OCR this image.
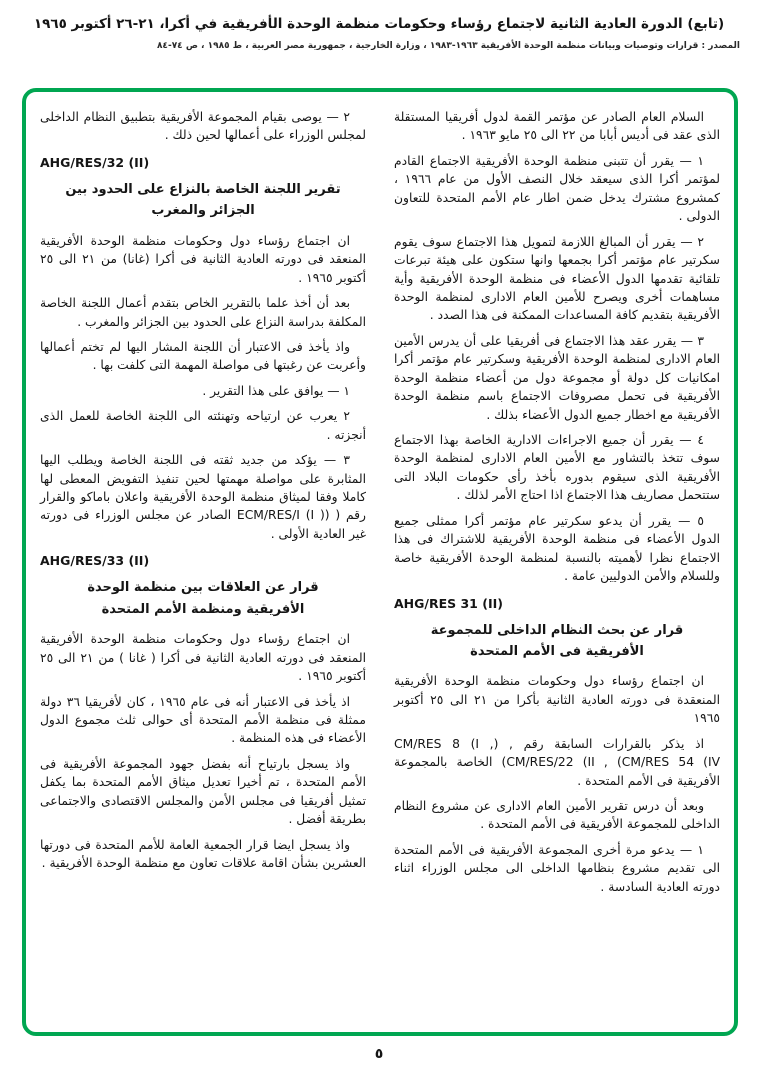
(تابع) الدورة العادية الثانية لاجتماع رؤساء وحكومات منظمة الوحدة الأفريقية في أكرا، ٢١-٢٦ أكتوبر ١٩٦٥
المصدر : قرارات وتوصيات وبيانات منظمة الوحدة الأفريقية ١٩٦٣-١٩٨٣ ، وزارة الخارجية ، جمهورية مصر العربية ، ط ١٩٨٥ ، ص ٧٤-٨٤

السلام العام الصادر عن مؤتمر القمة لدول أفريقيا المستقلة الذى عقد فى أديس أبابا من ٢٢ الى ٢٥ مايو ١٩٦٣ .

١ — يقرر أن تتبنى منظمة الوحدة الأفريقية الاجتماع القادم لمؤتمر أكرا الذى سيعقد خلال النصف الأول من عام ١٩٦٦ ، كمشروع مشترك يدخل ضمن اطار عام الأمم المتحدة للتعاون الدولى .

٢ — يقرر أن المبالغ اللازمة لتمويل هذا الاجتماع سوف يقوم سكرتير عام مؤتمر أكرا بجمعها وانها ستكون على هيئة تبرعات تلقائية تقدمها الدول الأعضاء فى منظمة الوحدة الأفريقية وأية مساهمات أخرى ويصرح للأمين العام الادارى لمنظمة الوحدة الأفريقية بتقديم كافة المساعدات الممكنة فى هذا الصدد .

٣ — يقرر عقد هذا الاجتماع فى أفريقيا على أن يدرس الأمين العام الادارى لمنظمة الوحدة الأفريقية وسكرتير عام مؤتمر أكرا امكانيات كل دولة أو مجموعة دول من أعضاء منظمة الوحدة الأفريقية فى تحمل مصروفات الاجتماع باسم منظمة الوحدة الأفريقية مع اخطار جميع الدول الأعضاء بذلك .

٤ — يقرر أن جميع الاجراءات الادارية الخاصة بهذا الاجتماع سوف تتخذ بالتشاور مع الأمين العام الادارى لمنظمة الوحدة الأفريقية الذى سيقوم بدوره بأخذ رأى حكومات البلاد التى ستتحمل مصاريف هذا الاجتماع اذا احتاج الأمر لذلك .

٥ — يقرر أن يدعو سكرتير عام مؤتمر أكرا ممثلى جميع الدول الأعضاء فى منظمة الوحدة الأفريقية للاشتراك فى هذا الاجتماع نظرا لأهميته بالنسبة لمنظمة الوحدة الأفريقية خاصة وللسلام والأمن الدوليين عامة .

AHG/RES 31 (II)
قرار عن بحث النظام الداخلى للمجموعة الأفريقية فى الأمم المتحدة

ان اجتماع رؤساء دول وحكومات منظمة الوحدة الأفريقية المنعقدة فى دورته العادية الثانية بأكرا من ٢١ الى ٢٥ أكتوبر ١٩٦٥

اذ يذكر بالقرارات السابقة رقم , (CM/RES 8 (I , (CM/RES/22 (II , (CM/RES 54 (IV الخاصة بالمجموعة الأفريقية فى الأمم المتحدة .

وبعد أن درس تقرير الأمين العام الادارى عن مشروع النظام الداخلى للمجموعة الأفريقية فى الأمم المتحدة .

١ — يدعو مرة أخرى المجموعة الأفريقية فى الأمم المتحدة الى تقديم مشروع بنظامها الداخلى الى مجلس الوزراء اثناء دورته العادية السادسة .

٢ — يوصى بقيام المجموعة الأفريقية بتطبيق النظام الداخلى لمجلس الوزراء على أعمالها لحين ذلك .

AHG/RES/32 (II)
تقرير اللجنة الخاصة بالنزاع على الحدود بين الجزائر والمغرب

ان اجتماع رؤساء دول وحكومات منظمة الوحدة الأفريقية المنعقد فى دورته العادية الثانية فى أكرا (غانا) من ٢١ الى ٢٥ أكتوبر ١٩٦٥ .

بعد أن أخذ علما بالتقرير الخاص بتقدم أعمال اللجنة الخاصة المكلفة بدراسة النزاع على الحدود بين الجزائر والمغرب .

واذ يأخذ فى الاعتبار أن اللجنة المشار اليها لم تختم أعمالها وأعربت عن رغبتها فى مواصلة المهمة التى كلفت بها .

١ — يوافق على هذا التقرير .

٢ يعرب عن ارتياحه وتهنئته الى اللجنة الخاصة للعمل الذى أنجزته .

٣ — يؤكد من جديد ثقته فى اللجنة الخاصة ويطلب اليها المثابرة على مواصلة مهمتها لحين تنفيذ التفويض المعطى لها كاملا وفقا لميثاق منظمة الوحدة الأفريقية واعلان باماكو والقرار رقم ( (ECM/RES/I (I ) الصادر عن مجلس الوزراء فى دورته غير العادية الأولى .

AHG/RES/33 (II)
قرار عن العلاقات بين منظمة الوحدة الأفريقية ومنظمة الأمم المتحدة

ان اجتماع رؤساء دول وحكومات منظمة الوحدة الأفريقية المنعقد فى دورته العادية الثانية فى أكرا ( غانا ) من ٢١ الى ٢٥ أكتوبر ١٩٦٥ .

اذ يأخذ فى الاعتبار أنه فى عام ١٩٦٥ ، كان لأفريقيا ٣٦ دولة ممثلة فى منظمة الأمم المتحدة أى حوالى ثلث مجموع الدول الأعضاء فى هذه المنظمة .

واذ يسجل بارتياح أنه بفضل جهود المجموعة الأفريقية فى الأمم المتحدة ، تم أخيرا تعديل ميثاق الأمم المتحدة بما يكفل تمثيل أفريقيا فى مجلس الأمن والمجلس الاقتصادى والاجتماعى بطريقة أفضل .

واذ يسجل ايضا قرار الجمعية العامة للأمم المتحدة فى دورتها العشرين بشأن اقامة علاقات تعاون مع منظمة الوحدة الأفريقية .

٥
